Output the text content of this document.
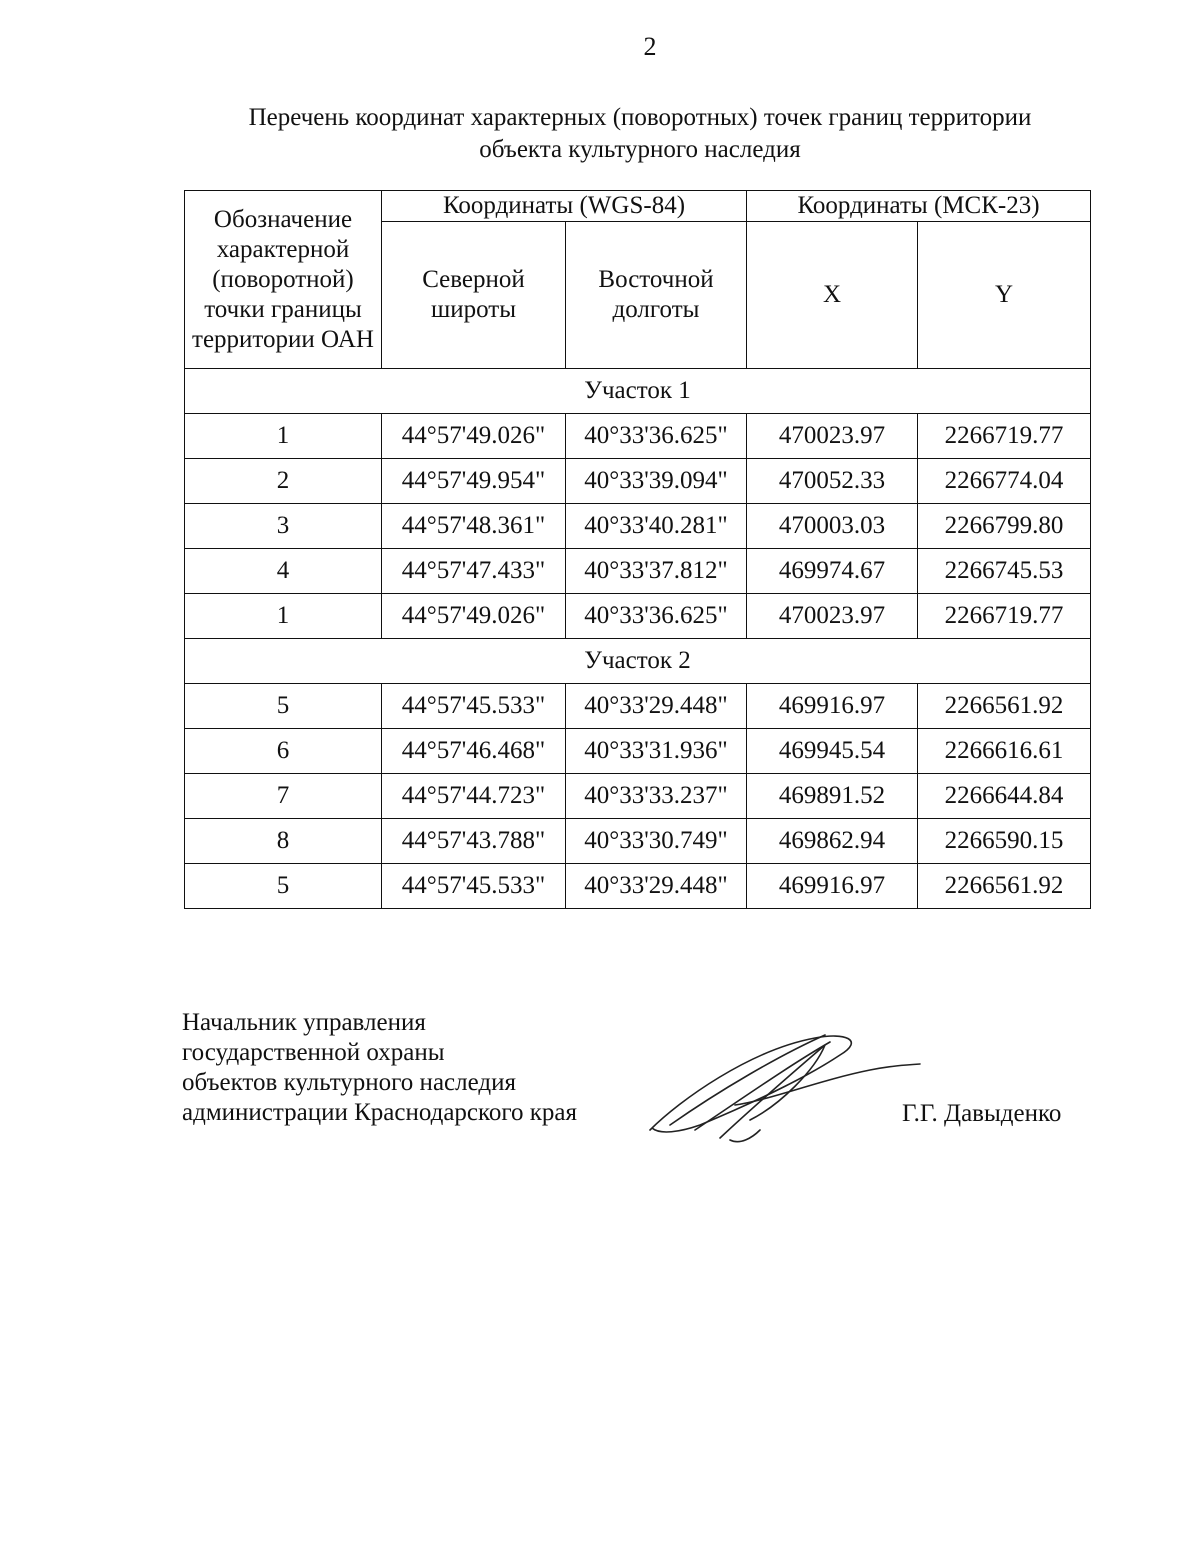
2
Перечень координат характерных (поворотных) точек границ территории
объекта культурного наследия
Обозначение характерной (поворотной) точки границы территории ОАН	Координаты (WGS-84)		Координаты (МСК-23)	
	Северной широты	Восточной долготы	X	Y
Участок 1				
1	44°57'49.026"	40°33'36.625"	470023.97	2266719.77
2	44°57'49.954"	40°33'39.094"	470052.33	2266774.04
3	44°57'48.361"	40°33'40.281"	470003.03	2266799.80
4	44°57'47.433"	40°33'37.812"	469974.67	2266745.53
1	44°57'49.026"	40°33'36.625"	470023.97	2266719.77
Участок 2				
5	44°57'45.533"	40°33'29.448"	469916.97	2266561.92
6	44°57'46.468"	40°33'31.936"	469945.54	2266616.61
7	44°57'44.723"	40°33'33.237"	469891.52	2266644.84
8	44°57'43.788"	40°33'30.749"	469862.94	2266590.15
5	44°57'45.533"	40°33'29.448"	469916.97	2266561.92
Начальник управления
государственной охраны
объектов культурного наследия
администрации Краснодарского края	Г.Г. Давыденко
